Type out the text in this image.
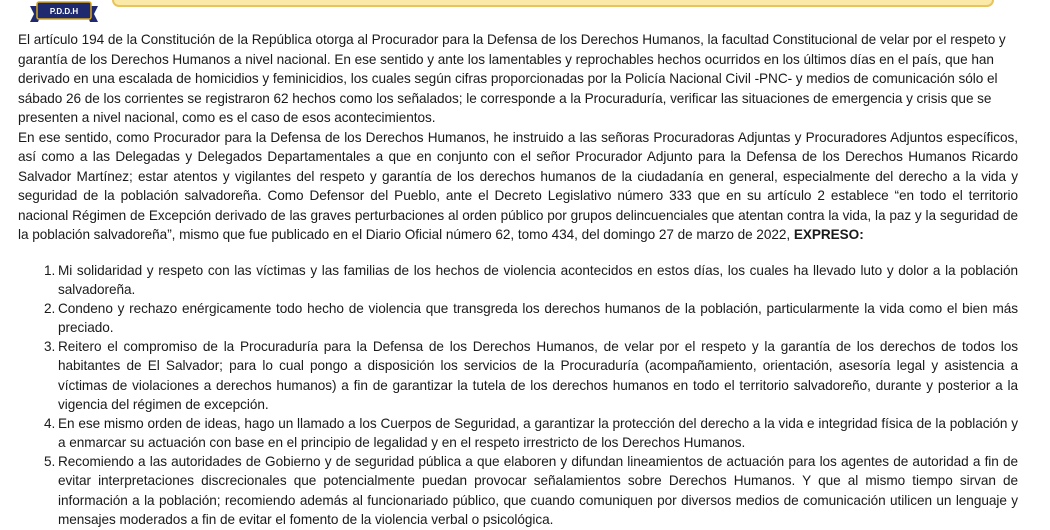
P.D.D.H

El artículo 194 de la Constitución de la República otorga al Procurador para la Defensa de los Derechos Humanos, la facultad Constitucional de velar por el respeto y garantía de los Derechos Humanos a nivel nacional. En ese sentido y ante los lamentables y reprochables hechos ocurridos en los últimos días en el país, que han derivado en una escalada de homicidios y feminicidios, los cuales según cifras proporcionadas por la Policía Nacional Civil -PNC- y medios de comunicación sólo el sábado 26 de los corrientes se registraron 62 hechos como los señalados; le corresponde a la Procuraduría, verificar las situaciones de emergencia y crisis que se presenten a nivel nacional, como es el caso de esos acontecimientos.

En ese sentido, como Procurador para la Defensa de los Derechos Humanos, he instruido a las señoras Procuradoras Adjuntas y Procuradores Adjuntos específicos, así como a las Delegadas y Delegados Departamentales a que en conjunto con el señor Procurador Adjunto para la Defensa de los Derechos Humanos Ricardo Salvador Martínez; estar atentos y vigilantes del respeto y garantía de los derechos humanos de la ciudadanía en general, especialmente del derecho a la vida y seguridad de la población salvadoreña. Como Defensor del Pueblo, ante el Decreto Legislativo número 333 que en su artículo 2 establece “en todo el territorio nacional Régimen de Excepción derivado de las graves perturbaciones al orden público por grupos delincuenciales que atentan contra la vida, la paz y la seguridad de la población salvadoreña”, mismo que fue publicado en el Diario Oficial número 62, tomo 434, del domingo 27 de marzo de 2022, EXPRESO:

1. Mi solidaridad y respeto con las víctimas y las familias de los hechos de violencia acontecidos en estos días, los cuales ha llevado luto y dolor a la población salvadoreña.
2. Condeno y rechazo enérgicamente todo hecho de violencia que transgreda los derechos humanos de la población, particularmente la vida como el bien más preciado.
3. Reitero el compromiso de la Procuraduría para la Defensa de los Derechos Humanos, de velar por el respeto y la garantía de los derechos de todos los habitantes de El Salvador; para lo cual pongo a disposición los servicios de la Procuraduría (acompañamiento, orientación, asesoría legal y asistencia a víctimas de violaciones a derechos humanos) a fin de garantizar la tutela de los derechos humanos en todo el territorio salvadoreño, durante y posterior a la vigencia del régimen de excepción.
4. En ese mismo orden de ideas, hago un llamado a los Cuerpos de Seguridad, a garantizar la protección del derecho a la vida e integridad física de la población y a enmarcar su actuación con base en el principio de legalidad y en el respeto irrestricto de los Derechos Humanos.
5. Recomiendo a las autoridades de Gobierno y de seguridad pública a que elaboren y difundan lineamientos de actuación para los agentes de autoridad a fin de evitar interpretaciones discrecionales que potencialmente puedan provocar señalamientos sobre Derechos Humanos. Y que al mismo tiempo sirvan de información a la población; recomiendo además al funcionariado público, que cuando comuniquen por diversos medios de comunicación utilicen un lenguaje y mensajes moderados a fin de evitar el fomento de la violencia verbal o psicológica.
